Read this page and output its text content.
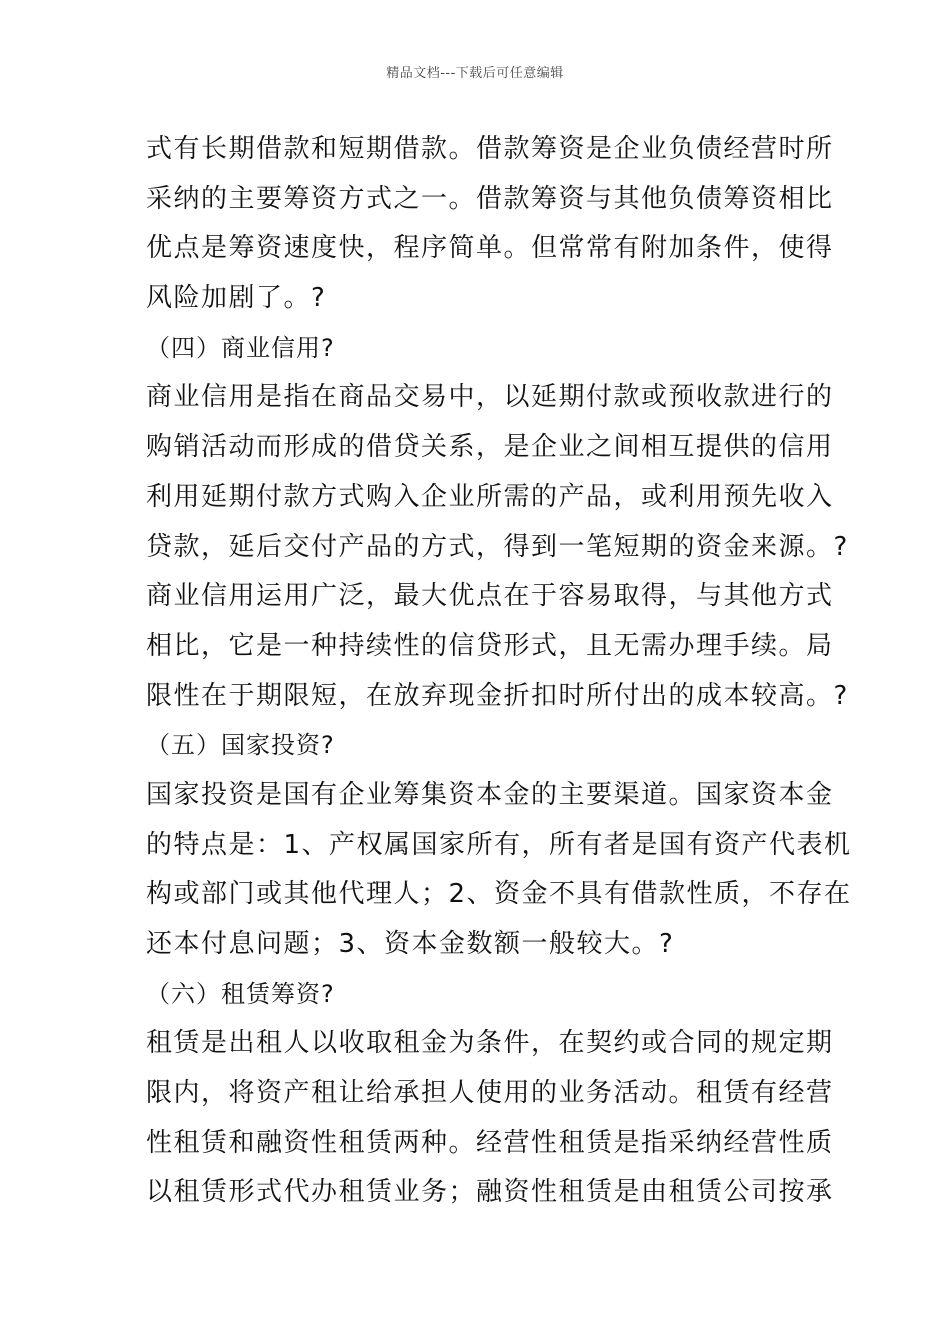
精品文档---下载后可任意编辑
式有长期借款和短期借款。借款筹资是企业负债经营时所
采纳的主要筹资方式之一。借款筹资与其他负债筹资相比
优点是筹资速度快，程序简单。但常常有附加条件，使得
风险加剧了。?
（四）商业信用?
商业信用是指在商品交易中，以延期付款或预收款进行的
购销活动而形成的借贷关系，是企业之间相互提供的信用
利用延期付款方式购入企业所需的产品，或利用预先收入
贷款，延后交付产品的方式，得到一笔短期的资金来源。?
商业信用运用广泛，最大优点在于容易取得，与其他方式
相比，它是一种持续性的信贷形式，且无需办理手续。局
限性在于期限短，在放弃现金折扣时所付出的成本较高。?
（五）国家投资?
国家投资是国有企业筹集资本金的主要渠道。国家资本金
的特点是：1、产权属国家所有，所有者是国有资产代表机
构或部门或其他代理人；2、资金不具有借款性质，不存在
还本付息问题；3、资本金数额一般较大。?
（六）租赁筹资?
租赁是出租人以收取租金为条件，在契约或合同的规定期
限内，将资产租让给承担人使用的业务活动。租赁有经营
性租赁和融资性租赁两种。经营性租赁是指采纳经营性质
以租赁形式代办租赁业务；融资性租赁是由租赁公司按承
